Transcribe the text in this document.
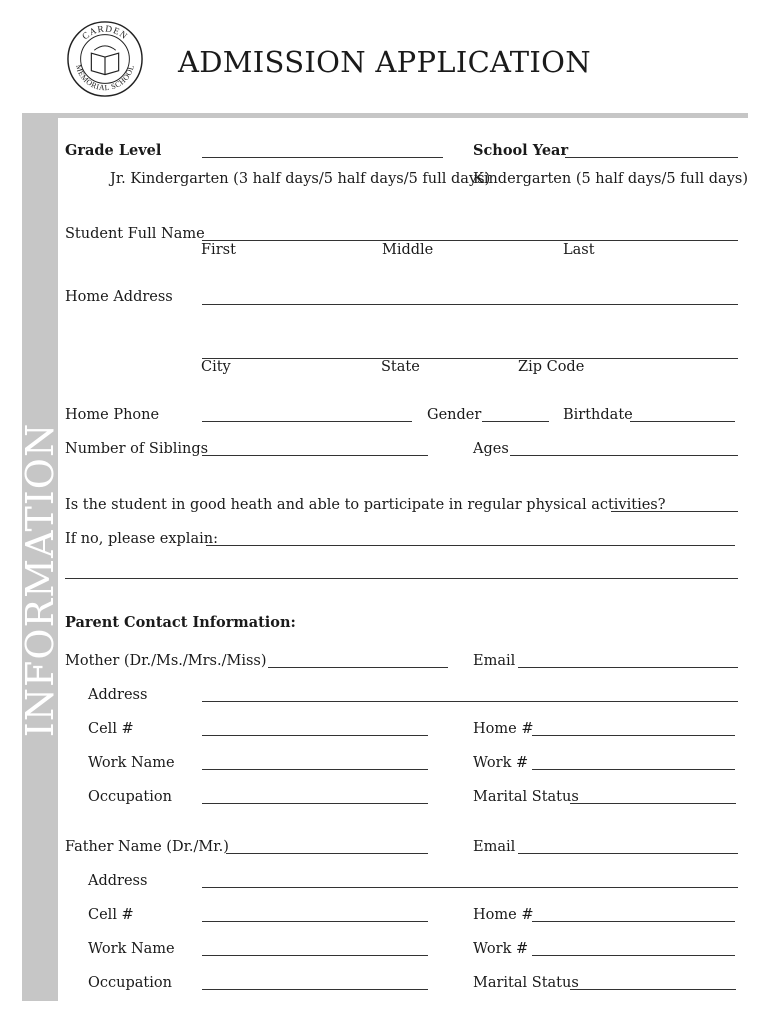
CARDEN
MEMORIAL SCHOOL ADMISSION APPLICATION
INFORMATION
Grade Level	School Year
Jr. Kindergarten (3 half days/5 half days/5 full days)
Kindergarten (5 half days/5 full days)
Student Full Name
First	Middle	Last
Home Address
City	State	Zip Code
Home Phone	Gender	Birthdate
Number of Siblings	Ages
Is the student in good heath and able to participate in regular physical activities?
If no, please explain:
Parent Contact Information:
Mother (Dr./Ms./Mrs./Miss)	Email
Address
Cell #	Home #
Work Name	Work #
Occupation	Marital Status
Father Name (Dr./Mr.)	Email
Address
Cell #	Home #
Work Name	Work #
Occupation	Marital Status
